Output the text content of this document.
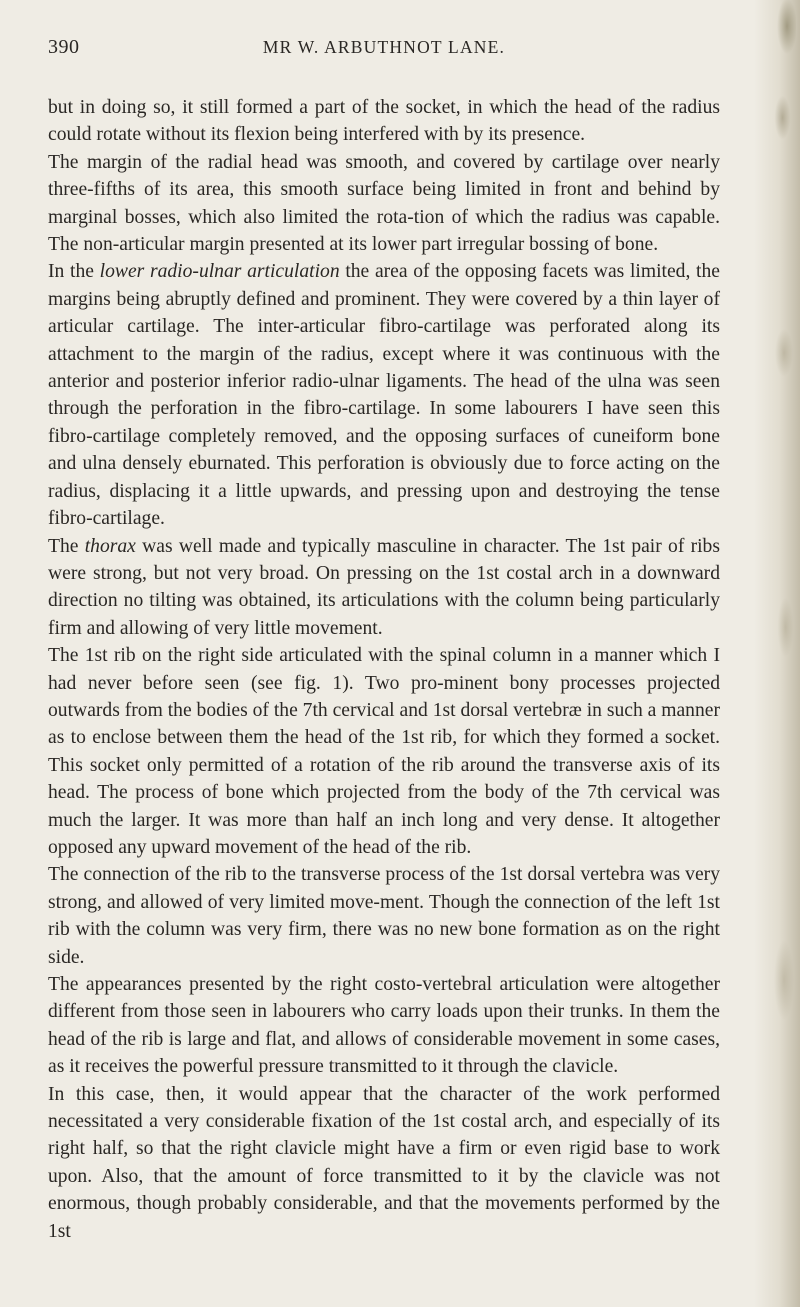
390	MR W. ARBUTHNOT LANE.

but in doing so, it still formed a part of the socket, in which the head of the radius could rotate without its flexion being interfered with by its presence.

The margin of the radial head was smooth, and covered by cartilage over nearly three-fifths of its area, this smooth surface being limited in front and behind by marginal bosses, which also limited the rota-tion of which the radius was capable. The non-articular margin presented at its lower part irregular bossing of bone.

In the lower radio-ulnar articulation the area of the opposing facets was limited, the margins being abruptly defined and prominent. They were covered by a thin layer of articular cartilage. The inter-articular fibro-cartilage was perforated along its attachment to the margin of the radius, except where it was continuous with the anterior and posterior inferior radio-ulnar ligaments. The head of the ulna was seen through the perforation in the fibro-cartilage. In some labourers I have seen this fibro-cartilage completely removed, and the opposing surfaces of cuneiform bone and ulna densely eburnated. This perforation is obviously due to force acting on the radius, displacing it a little upwards, and pressing upon and destroying the tense fibro-cartilage.

The thorax was well made and typically masculine in character. The 1st pair of ribs were strong, but not very broad. On pressing on the 1st costal arch in a downward direction no tilting was obtained, its articulations with the column being particularly firm and allowing of very little movement.

The 1st rib on the right side articulated with the spinal column in a manner which I had never before seen (see fig. 1). Two pro-minent bony processes projected outwards from the bodies of the 7th cervical and 1st dorsal vertebræ in such a manner as to enclose between them the head of the 1st rib, for which they formed a socket. This socket only permitted of a rotation of the rib around the transverse axis of its head. The process of bone which projected from the body of the 7th cervical was much the larger. It was more than half an inch long and very dense. It altogether opposed any upward movement of the head of the rib.

The connection of the rib to the transverse process of the 1st dorsal vertebra was very strong, and allowed of very limited move-ment. Though the connection of the left 1st rib with the column was very firm, there was no new bone formation as on the right side.

The appearances presented by the right costo-vertebral articulation were altogether different from those seen in labourers who carry loads upon their trunks. In them the head of the rib is large and flat, and allows of considerable movement in some cases, as it receives the powerful pressure transmitted to it through the clavicle.

In this case, then, it would appear that the character of the work performed necessitated a very considerable fixation of the 1st costal arch, and especially of its right half, so that the right clavicle might have a firm or even rigid base to work upon. Also, that the amount of force transmitted to it by the clavicle was not enormous, though probably considerable, and that the movements performed by the 1st
